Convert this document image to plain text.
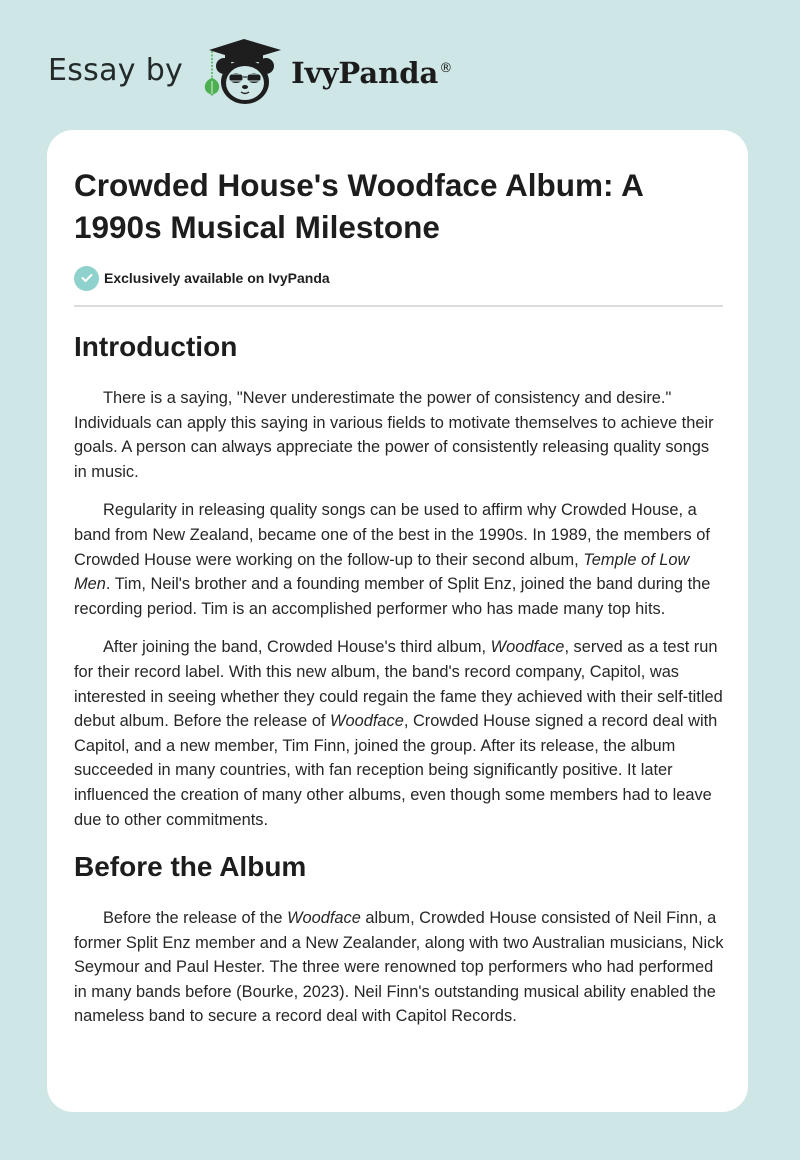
Essay by	IvyPanda®
Crowded House's Woodface Album: A 1990s Musical Milestone
Exclusively available on IvyPanda
Introduction

There is a saying, "Never underestimate the power of consistency and desire." Individuals can apply this saying in various fields to motivate themselves to achieve their goals. A person can always appreciate the power of consistently releasing quality songs in music.

Regularity in releasing quality songs can be used to affirm why Crowded House, a band from New Zealand, became one of the best in the 1990s. In 1989, the members of Crowded House were working on the follow-up to their second album, Temple of Low Men. Tim, Neil's brother and a founding member of Split Enz, joined the band during the recording period. Tim is an accomplished performer who has made many top hits.

After joining the band, Crowded House's third album, Woodface, served as a test run for their record label. With this new album, the band's record company, Capitol, was interested in seeing whether they could regain the fame they achieved with their self-titled debut album. Before the release of Woodface, Crowded House signed a record deal with Capitol, and a new member, Tim Finn, joined the group. After its release, the album succeeded in many countries, with fan reception being significantly positive. It later influenced the creation of many other albums, even though some members had to leave due to other commitments.

Before the Album

Before the release of the Woodface album, Crowded House consisted of Neil Finn, a former Split Enz member and a New Zealander, along with two Australian musicians, Nick Seymour and Paul Hester. The three were renowned top performers who had performed in many bands before (Bourke, 2023). Neil Finn's outstanding musical ability enabled the nameless band to secure a record deal with Capitol Records.
